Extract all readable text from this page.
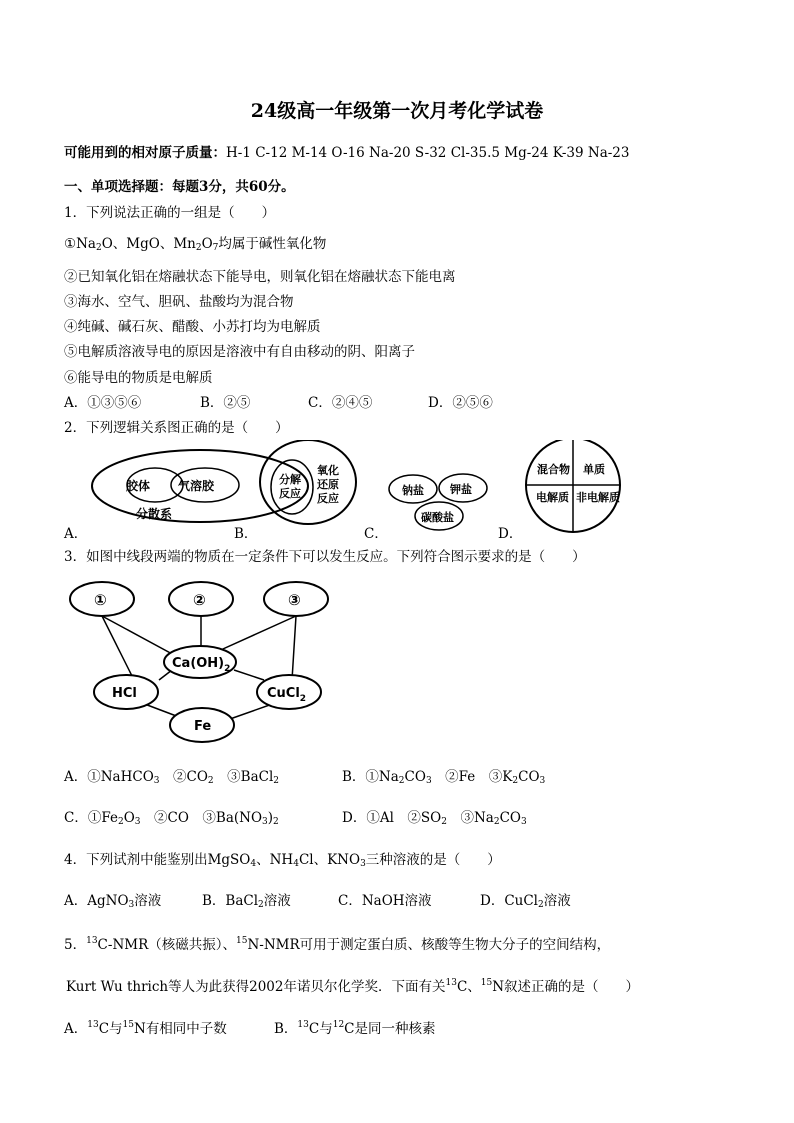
24级高一年级第一次月考化学试卷
可能用到的相对原子质量：H-1 C-12 M-14 O-16 Na-20 S-32 Cl-35.5 Mg-24 K-39 Na-23
一、单项选择题：每题3分，共60分。
1．下列说法正确的一组是（　　）
$①Na_2O$、MgO、$Mn_2O_7$均属于碱性氧化物
②已知氧化铝在熔融状态下能导电，则氧化铝在熔融状态下能电离
③海水、空气、胆矾、盐酸均为混合物
④纯碱、碱石灰、醋酸、小苏打均为电解质
⑤电解质溶液导电的原因是溶液中有自由移动的阴、阳离子
⑥能导电的物质是电解质
A．①③⑤⑥	B．②⑤	C．②④⑤	D．②⑤⑥
2．下列逻辑关系图正确的是（　　）
胶体 气溶胶
分散系
分解
反应
氧化
还原
反应
钠盐 钾盐
碳酸盐
混合物 单质
电解质 非电解质
A．	B．	C．	D．
3．如图中线段两端的物质在一定条件下可以发生反应。下列符合图示要求的是（　　）
①	②	③
$Ca(OH)_2$
HCl	CuCl$_2$
Fe
A．①NaHCO$_3$　$②CO_2$　③BaCl$_2$	B．$①Na_2CO_3$　②Fe　$③K_2CO_3$
C．$①Fe_2O_3$　②CO　$③Ba(NO_3)_2$	D．①Al　$②SO_2$　$③Na_2CO_3$
4．下列试剂中能鉴别出MgSO$_4$、$NH_4Cl$、$KNO_3$三种溶液的是（　　）
A．AgNO$_3$溶液	B．BaCl$_2$溶液	C．NaOH溶液	D．CuCl$_2$溶液
5．$^{13}$C-NMR（核磁共振）、$^{15}$N-NMR可用于测定蛋白质、核酸等生物大分子的空间结构，
Kurt Wu thrich等人为此获得2002年诺贝尔化学奖．下面有关$^{13}$C、$^{15}$N叙述正确的是（　　）
A．$^{13}$C与$^{15}$N有相同中子数	B．$^{13}$C与$^{12}$C是同一种核素
